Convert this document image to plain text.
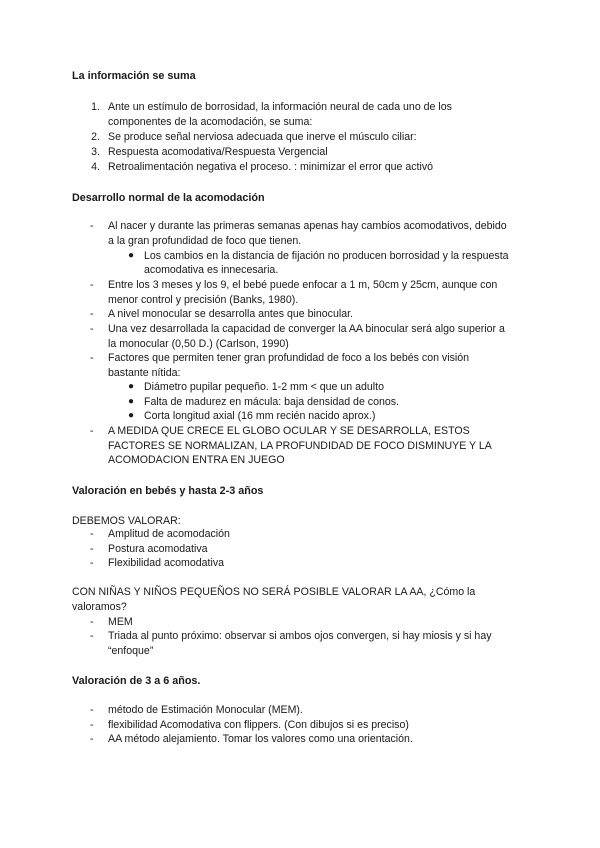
La información se suma
1. Ante un estímulo de borrosidad, la información neural de cada uno de los
componentes de la acomodación, se suma:
2. Se produce señal nerviosa adecuada que inerve el músculo ciliar:
3. Respuesta acomodativa/Respuesta Vergencial
4. Retroalimentación negativa el proceso. : minimizar el error que activó
Desarrollo normal de la acomodación
- Al nacer y durante las primeras semanas apenas hay cambios acomodativos, debido
a la gran profundidad de foco que tienen.
● Los cambios en la distancia de fijación no producen borrosidad y la respuesta
acomodativa es innecesaria.
- Entre los 3 meses y los 9, el bebé puede enfocar a 1 m, 50cm y 25cm, aunque con
menor control y precisión (Banks, 1980).
- A nivel monocular se desarrolla antes que binocular.
- Una vez desarrollada la capacidad de converger la AA binocular será algo superior a
la monocular (0,50 D.) (Carlson, 1990)
- Factores que permiten tener gran profundidad de foco a los bebés con visión
bastante nítida:
● Diámetro pupilar pequeño. 1-2 mm < que un adulto
● Falta de madurez en mácula: baja densidad de conos.
● Corta longitud axial (16 mm recién nacido aprox.)
- A MEDIDA QUE CRECE EL GLOBO OCULAR Y SE DESARROLLA, ESTOS
FACTORES SE NORMALIZAN, LA PROFUNDIDAD DE FOCO DISMINUYE Y LA
ACOMODACION ENTRA EN JUEGO
Valoración en bebés y hasta 2-3 años
DEBEMOS VALORAR:
- Amplitud de acomodación
- Postura acomodativa
- Flexibilidad acomodativa
CON NIÑAS Y NIÑOS PEQUEÑOS NO SERÁ POSIBLE VALORAR LA AA, ¿Cómo la
valoramos?
- MEM
- Triada al punto próximo: observar si ambos ojos convergen, si hay miosis y si hay
“enfoque”
Valoración de 3 a 6 años.
- método de Estimación Monocular (MEM).
- flexibilidad Acomodativa con flippers. (Con dibujos si es preciso)
- AA método alejamiento. Tomar los valores como una orientación.
